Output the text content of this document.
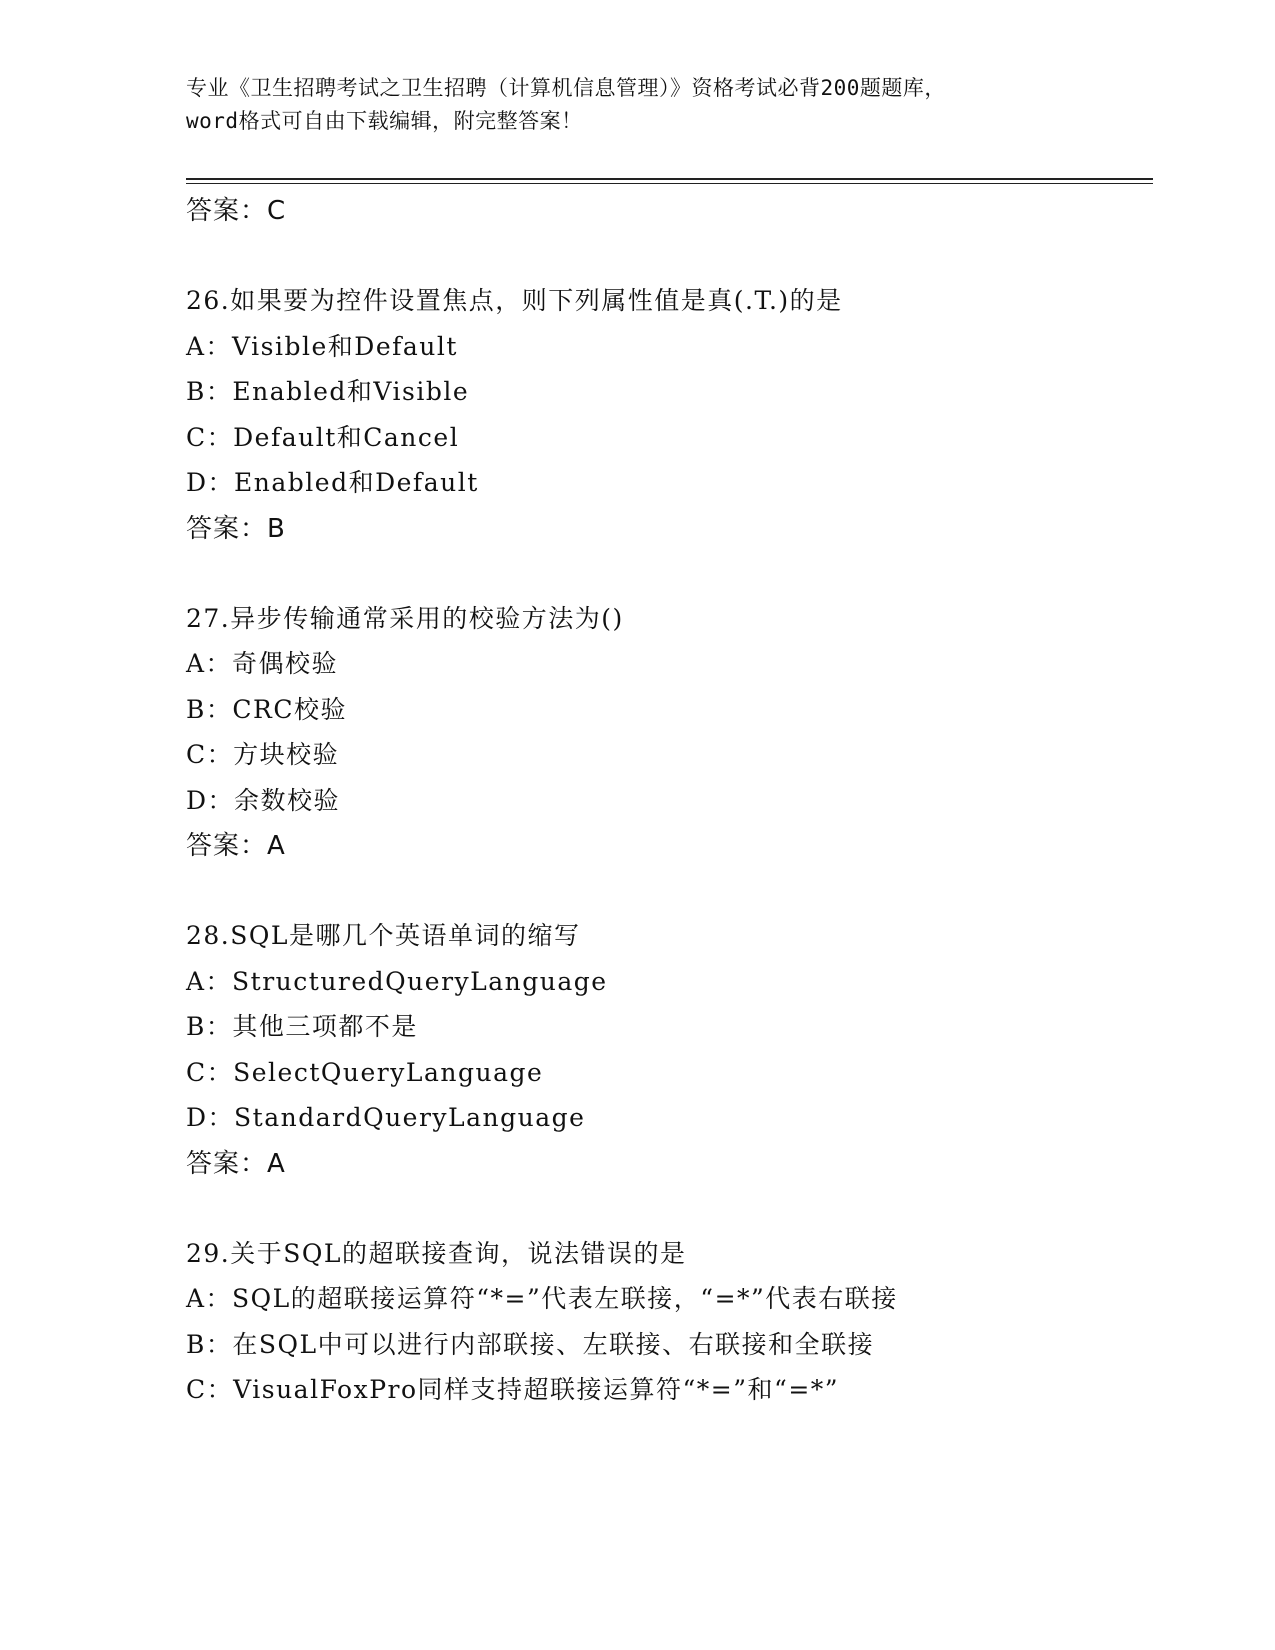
专业《卫生招聘考试之卫生招聘（计算机信息管理）》资格考试必背200题题库，
word格式可自由下载编辑，附完整答案！
答案：C
26.如果要为控件设置焦点，则下列属性值是真(.T.)的是
A：Visible和Default
B：Enabled和Visible
C：Default和Cancel
D：Enabled和Default
答案：B
27.异步传输通常采用的校验方法为()
A：奇偶校验
B：CRC校验
C：方块校验
D：余数校验
答案：A
28.SQL是哪几个英语单词的缩写
A：StructuredQueryLanguage
B：其他三项都不是
C：SelectQueryLanguage
D：StandardQueryLanguage
答案：A
29.关于SQL的超联接查询，说法错误的是
A：SQL的超联接运算符“*=”代表左联接，“=*”代表右联接
B：在SQL中可以进行内部联接、左联接、右联接和全联接
C：VisualFoxPro同样支持超联接运算符“*=”和“=*”
